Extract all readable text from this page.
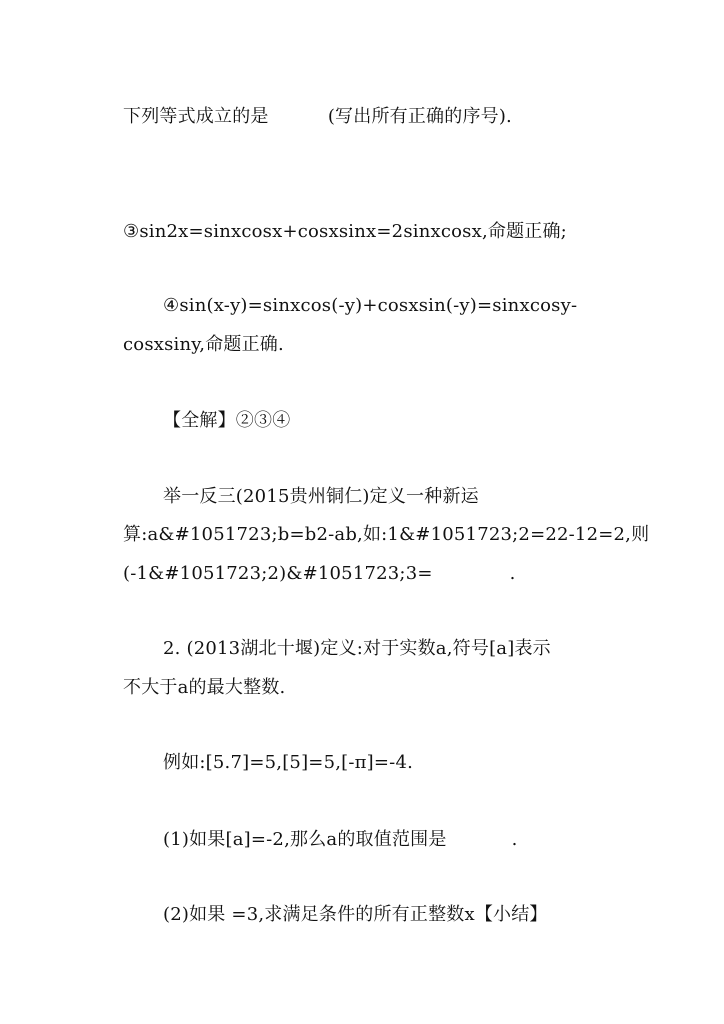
下列等式成立的是          (写出所有正确的序号).
③sin2x=sinxcosx+cosxsinx=2sinxcosx,命题正确;
④sin(x-y)=sinxcos(-y)+cosxsin(-y)=sinxcosy-
cosxsiny,命题正确.
【全解】②③④
举一反三(2015贵州铜仁)定义一种新运
算:a&#1051723;b=b2-ab,如:1&#1051723;2=22-12=2,则
(-1&#1051723;2)&#1051723;3=             .
2. (2013湖北十堰)定义:对于实数a,符号[a]表示
不大于a的最大整数.
例如:[5.7]=5,[5]=5,[-π]=-4.
(1)如果[a]=-2,那么a的取值范围是           .
(2)如果 =3,求满足条件的所有正整数x【小结】
